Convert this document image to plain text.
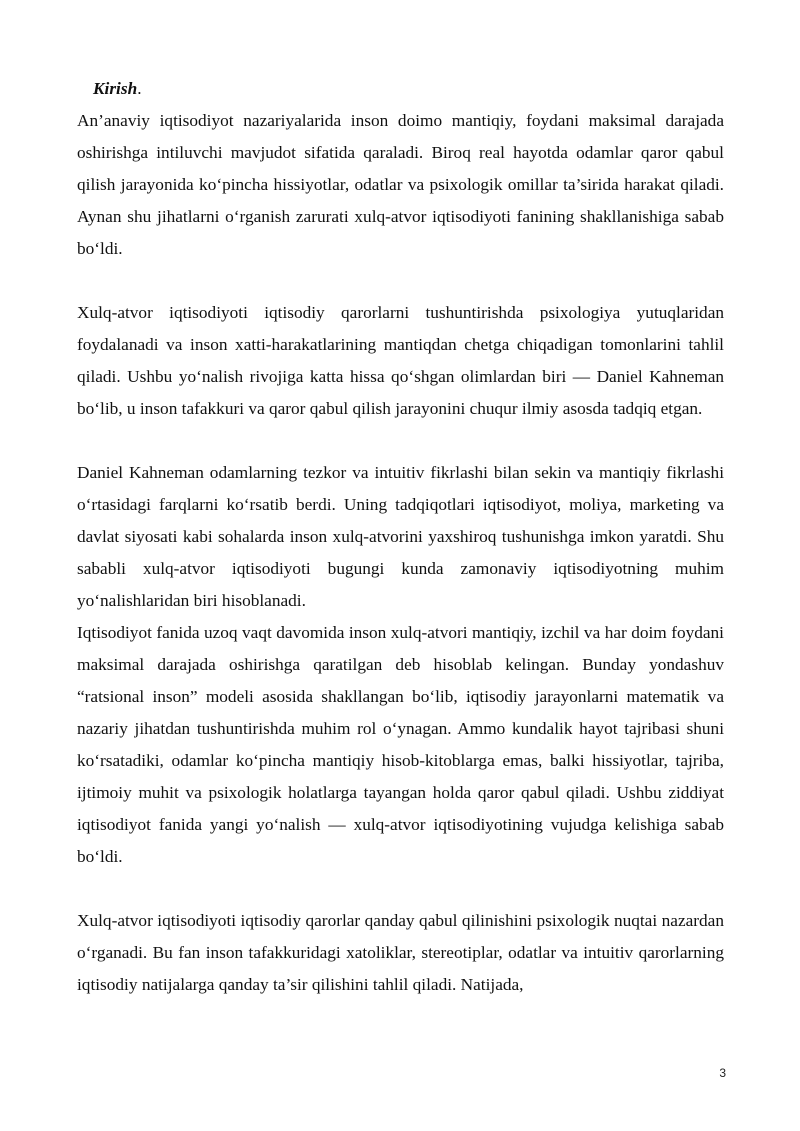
Kirish.

An’anaviy iqtisodiyot nazariyalarida inson doimo mantiqiy, foydani maksimal darajada oshirishga intiluvchi mavjudot sifatida qaraladi. Biroq real hayotda odamlar qaror qabul qilish jarayonida ko‘pincha hissiyotlar, odatlar va psixologik omillar ta’sirida harakat qiladi. Aynan shu jihatlarni o‘rganish zarurati xulq-atvor iqtisodiyoti fanining shakllanishiga sabab bo‘ldi.

Xulq-atvor iqtisodiyoti iqtisodiy qarorlarni tushuntirishda psixologiya yutuqlaridan foydalanadi va inson xatti-harakatlarining mantiqdan chetga chiqadigan tomonlarini tahlil qiladi. Ushbu yo‘nalish rivojiga katta hissa qo‘shgan olimlardan biri — Daniel Kahneman bo‘lib, u inson tafakkuri va qaror qabul qilish jarayonini chuqur ilmiy asosda tadqiq etgan.

Daniel Kahneman odamlarning tezkor va intuitiv fikrlashi bilan sekin va mantiqiy fikrlashi o‘rtasidagi farqlarni ko‘rsatib berdi. Uning tadqiqotlari iqtisodiyot, moliya, marketing va davlat siyosati kabi sohalarda inson xulq-atvorini yaxshiroq tushunishga imkon yaratdi. Shu sababli xulq-atvor iqtisodiyoti bugungi kunda zamonaviy iqtisodiyotning muhim yo‘nalishlaridan biri hisoblanadi.

Iqtisodiyot fanida uzoq vaqt davomida inson xulq-atvori mantiqiy, izchil va har doim foydani maksimal darajada oshirishga qaratilgan deb hisoblab kelingan. Bunday yondashuv “ratsional inson” modeli asosida shakllangan bo‘lib, iqtisodiy jarayonlarni matematik va nazariy jihatdan tushuntirishda muhim rol o‘ynagan. Ammo kundalik hayot tajribasi shuni ko‘rsatadiki, odamlar ko‘pincha mantiqiy hisob-kitoblarga emas, balki hissiyotlar, tajriba, ijtimoiy muhit va psixologik holatlarga tayangan holda qaror qabul qiladi. Ushbu ziddiyat iqtisodiyot fanida yangi yo‘nalish — xulq-atvor iqtisodiyotining vujudga kelishiga sabab bo‘ldi.

Xulq-atvor iqtisodiyoti iqtisodiy qarorlar qanday qabul qilinishini psixologik nuqtai nazardan o‘rganadi. Bu fan inson tafakkuridagi xatoliklar, stereotiplar, odatlar va intuitiv qarorlarning iqtisodiy natijalarga qanday ta’sir qilishini tahlil qiladi. Natijada,

3
